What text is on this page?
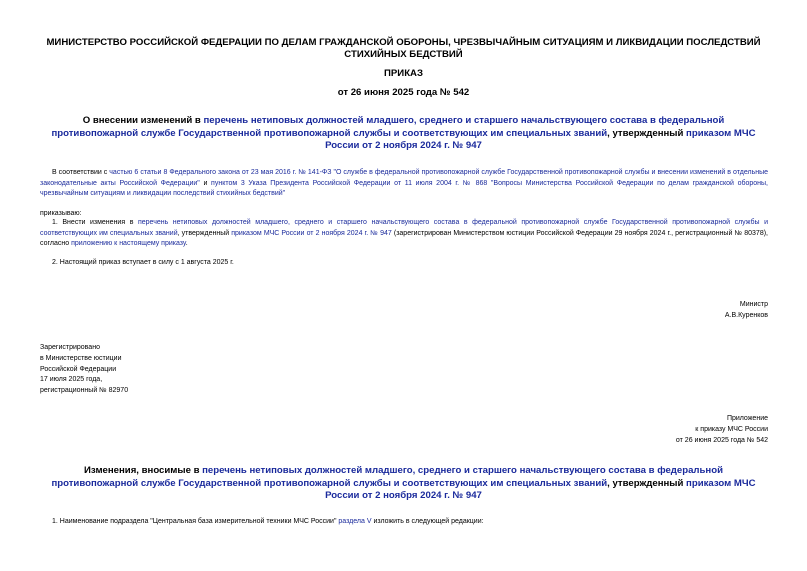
МИНИСТЕРСТВО РОССИЙСКОЙ ФЕДЕРАЦИИ ПО ДЕЛАМ ГРАЖДАНСКОЙ ОБОРОНЫ, ЧРЕЗВЫЧАЙНЫМ СИТУАЦИЯМ И ЛИКВИДАЦИИ ПОСЛЕДСТВИЙ СТИХИЙНЫХ БЕДСТВИЙ
ПРИКАЗ
от 26 июня 2025 года № 542
О внесении изменений в перечень нетиповых должностей младшего, среднего и старшего начальствующего состава в федеральной противопожарной службе Государственной противопожарной службы и соответствующих им специальных званий, утвержденный приказом МЧС России от 2 ноября 2024 г. № 947
В соответствии с частью 6 статьи 8 Федерального закона от 23 мая 2016 г. № 141-ФЗ "О службе в федеральной противопожарной службе Государственной противопожарной службы и внесении изменений в отдельные законодательные акты Российской Федерации" и пунктом 3 Указа Президента Российской Федерации от 11 июля 2004 г. № 868 "Вопросы Министерства Российской Федерации по делам гражданской обороны, чрезвычайным ситуациям и ликвидации последствий стихийных бедствий"
приказываю:
1. Внести изменения в перечень нетиповых должностей младшего, среднего и старшего начальствующего состава в федеральной противопожарной службе Государственной противопожарной службы и соответствующих им специальных званий, утвержденный приказом МЧС России от 2 ноября 2024 г. № 947 (зарегистрирован Министерством юстиции Российской Федерации 29 ноября 2024 г., регистрационный № 80378), согласно приложению к настоящему приказу.
2. Настоящий приказ вступает в силу с 1 августа 2025 г.
Министр
А.В.Куренков
Зарегистрировано
в Министерстве юстиции
Российской Федерации
17 июля 2025 года,
регистрационный № 82970
Приложение
к приказу МЧС России
от 26 июня 2025 года № 542
Изменения, вносимые в перечень нетиповых должностей младшего, среднего и старшего начальствующего состава в федеральной противопожарной службе Государственной противопожарной службы и соответствующих им специальных званий, утвержденный приказом МЧС России от 2 ноября 2024 г. № 947
1. Наименование подраздела "Центральная база измерительной техники МЧС России" раздела V изложить в следующей редакции:
